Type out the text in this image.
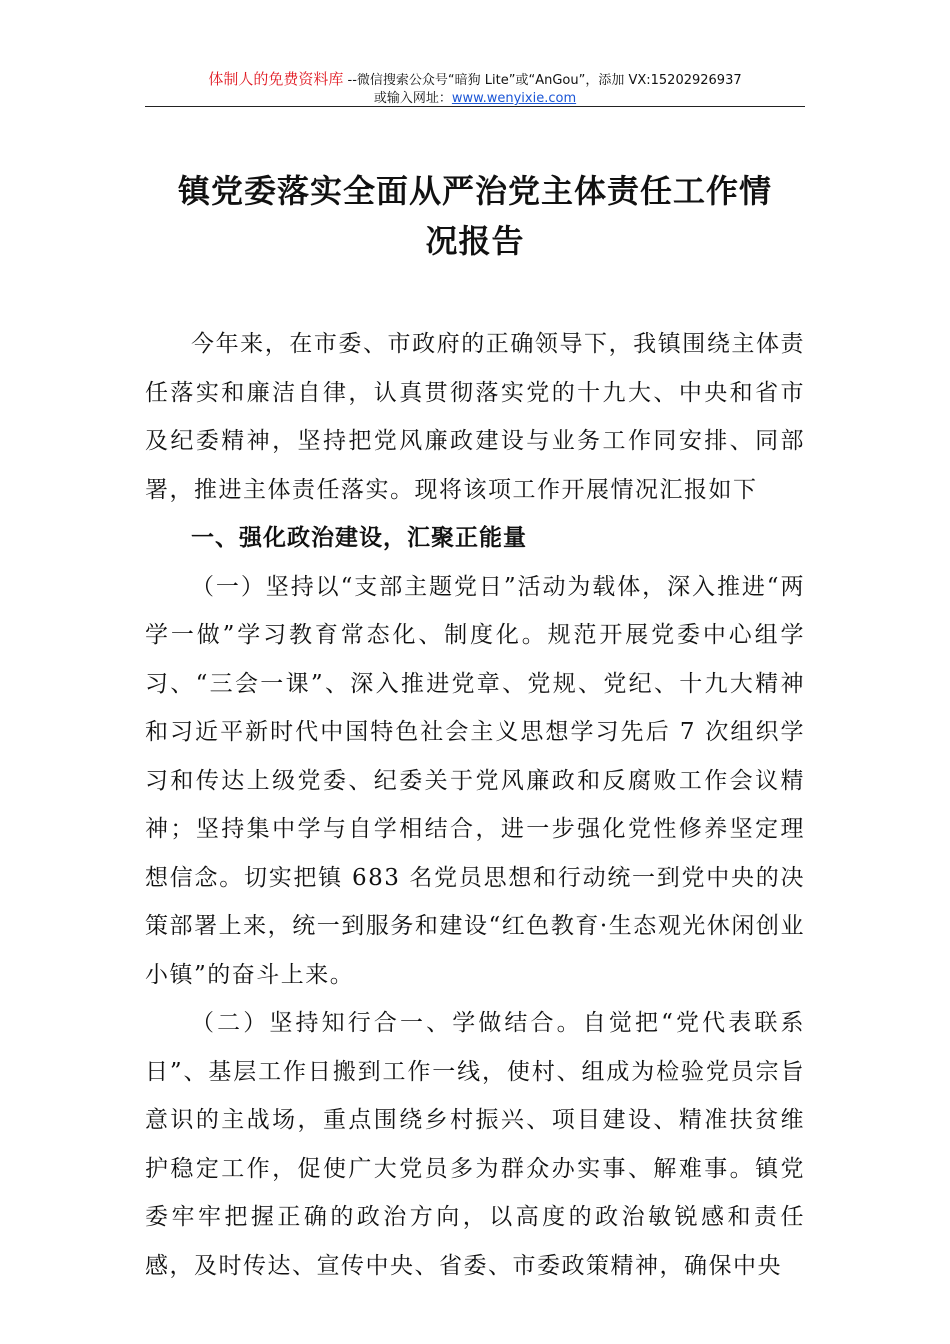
体制人的免费资料库 --微信搜索公众号“暗狗 Lite”或“AnGou”，添加 VX:15202926937
或输入网址：www.wenyixie.com
镇党委落实全面从严治党主体责任工作情
况报告

今年来，在市委、市政府的正确领导下，我镇围绕主体责任落实和廉洁自律，认真贯彻落实党的十九大、中央和省市及纪委精神，坚持把党风廉政建设与业务工作同安排、同部署，推进主体责任落实。现将该项工作开展情况汇报如下

一、强化政治建设，汇聚正能量

（一）坚持以“支部主题党日”活动为载体，深入推进“两学一做”学习教育常态化、制度化。规范开展党委中心组学习、“三会一课”、深入推进党章、党规、党纪、十九大精神和习近平新时代中国特色社会主义思想学习先后 7 次组织学习和传达上级党委、纪委关于党风廉政和反腐败工作会议精神；坚持集中学与自学相结合，进一步强化党性修养坚定理想信念。切实把镇 683 名党员思想和行动统一到党中央的决策部署上来，统一到服务和建设“红色教育·生态观光休闲创业小镇”的奋斗上来。

（二）坚持知行合一、学做结合。自觉把“党代表联系日”、基层工作日搬到工作一线，使村、组成为检验党员宗旨意识的主战场，重点围绕乡村振兴、项目建设、精准扶贫维护稳定工作，促使广大党员多为群众办实事、解难事。镇党委牢牢把握正确的政治方向，以高度的政治敏锐感和责任感，及时传达、宣传中央、省委、市委政策精神，确保中央
